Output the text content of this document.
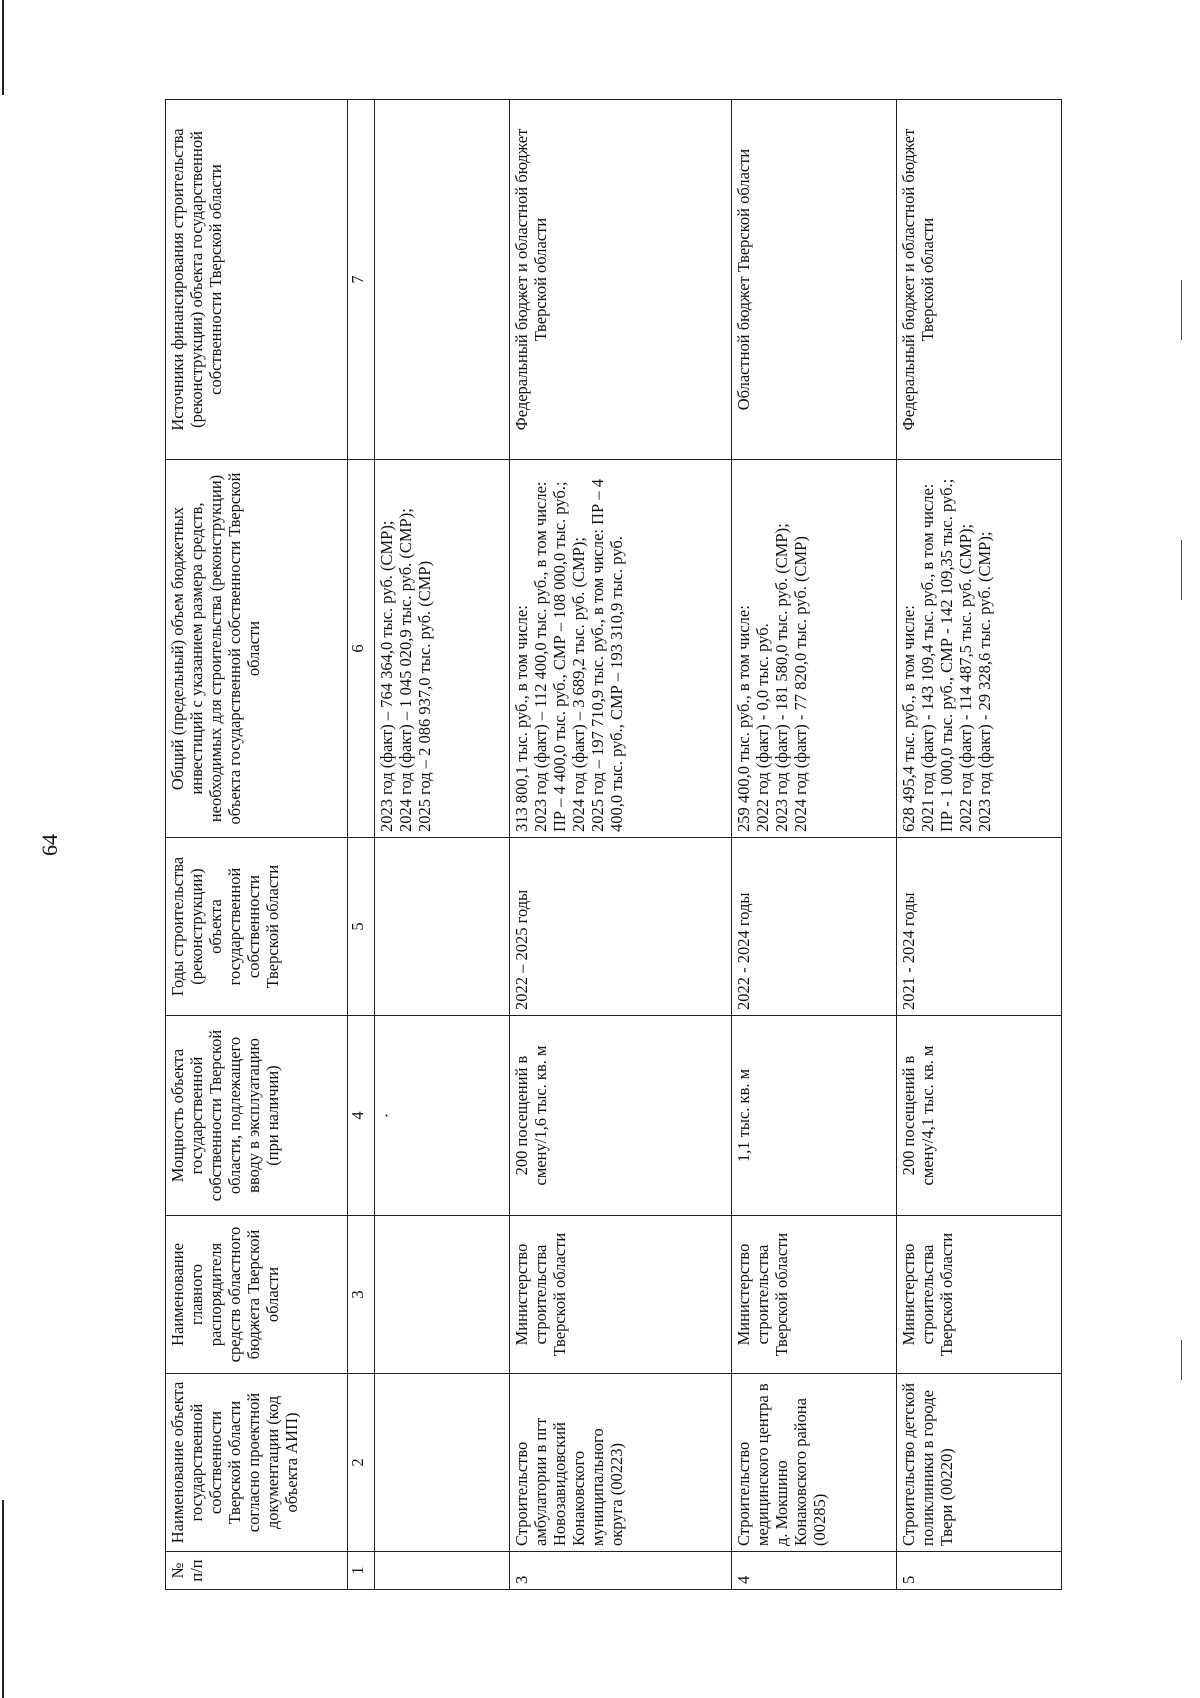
64
№ п/п	Наименование объекта государственной собственности Тверской области согласно проектной документации (код объекта АИП)	Наименование главного распорядителя средств областного бюджета Тверской области	Мощность объекта государственной собственности Тверской области, подлежащего вводу в эксплуатацию (при наличии)	Годы строительства (реконструкции) объекта государственной собственности Тверской области	Общий (предельный) объем бюджетных инвестиций с указанием размера средств, необходимых для строительства (реконструкции) объекта государственной собственности Тверской области	Источники финансирования строительства (реконструкции) объекта государственной собственности Тверской области
1	2	3	4	5	6	7
			·		2023 год (факт) – 764 364,0 тыс. руб. (СМР); 2024 год (факт) – 1 045 020,9 тыс. руб. (СМР); 2025 год – 2 086 937,0 тыс. руб. (СМР)	

3	Строительство амбулатории в пгт Новозавидовский Конаковского муниципального округа (00223)	Министерство строительства Тверской области	200 посещений в смену/1,6 тыс. кв. м	2022 – 2025 годы	313 800,1 тыс. руб., в том числе: 2023 год (факт) – 112 400,0 тыс. руб., в том числе: ПР – 4 400,0 тыс. руб., СМР – 108 000,0 тыс. руб.; 2024 год (факт) – 3 689,2 тыс. руб. (СМР); 2025 год – 197 710,9 тыс. руб., в том числе: ПР – 4 400,0 тыс. руб., СМР – 193 310,9 тыс. руб.	Федеральный бюджет и областной бюджет Тверской области
4	Строительство медицинского центра в д. Мокшино Конаковского района (00285)	Министерство строительства Тверской области	1,1 тыс. кв. м	2022 - 2024 годы	259 400,0 тыс. руб., в том числе: 2022 год (факт) - 0,0 тыс. руб. 2023 год (факт) - 181 580,0 тыс. руб. (СМР); 2024 год (факт) - 77 820,0 тыс. руб. (СМР)	Областной бюджет Тверской области
5	Строительство детской поликлиники в городе Твери (00220)	Министерство строительства Тверской области	200 посещений в смену/4,1 тыс. кв. м	2021 - 2024 годы	628 495,4 тыс. руб., в том числе: 2021 год (факт) - 143 109,4 тыс. руб., в том числе: ПР - 1 000,0 тыс. руб., СМР - 142 109,35 тыс. руб.; 2022 год (факт) - 114 487,5 тыс. руб. (СМР); 2023 год (факт) - 29 328,6 тыс. руб. (СМР);	Федеральный бюджет и областной бюджет Тверской области
